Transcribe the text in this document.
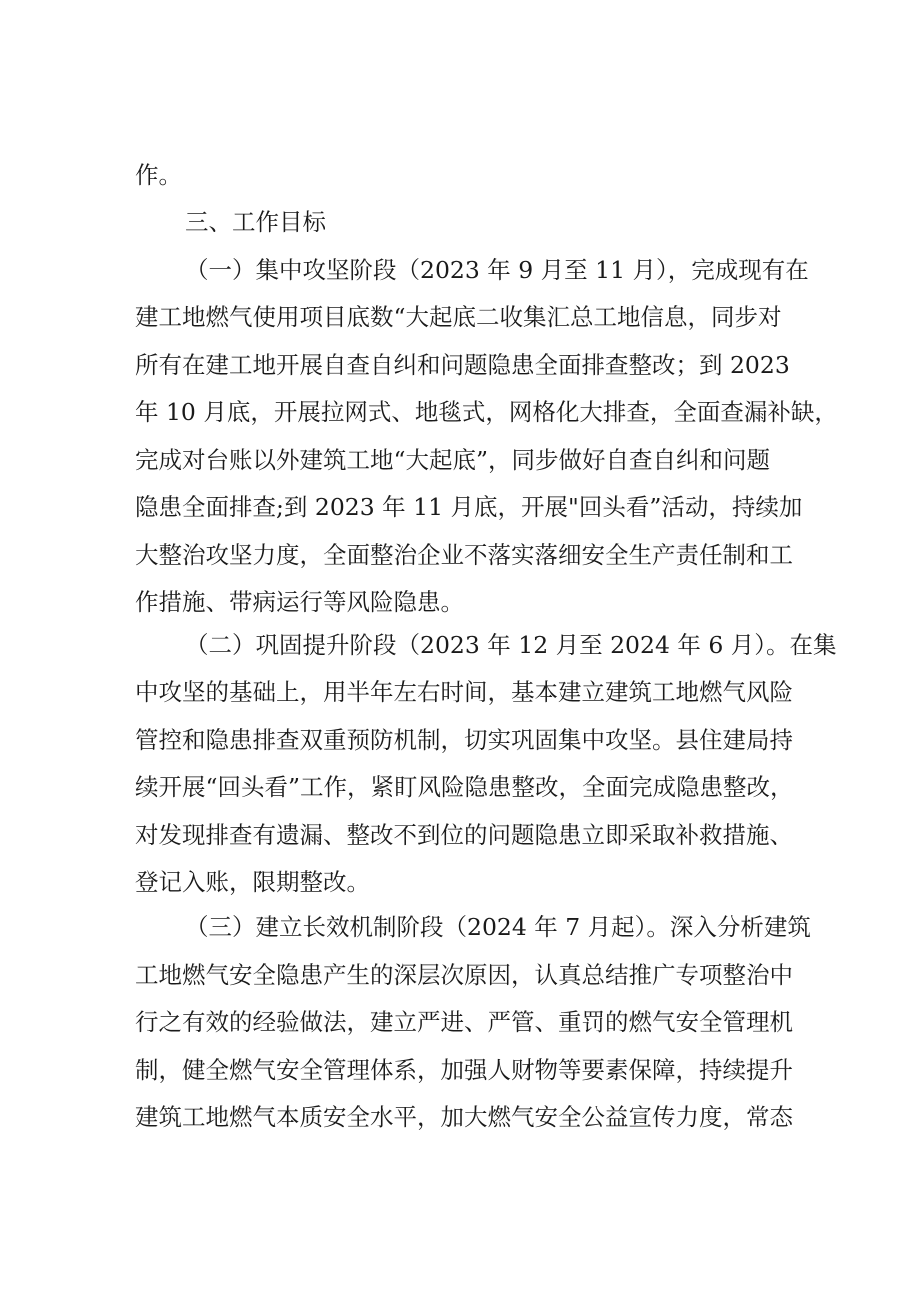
作。
三、工作目标
（一）集中攻坚阶段（2023 年 9 月至 11 月），完成现有在
建工地燃气使用项目底数“大起底二收集汇总工地信息，同步对
所有在建工地开展自查自纠和问题隐患全面排查整改；到 2023
年 10 月底，开展拉网式、地毯式，网格化大排查，全面查漏补缺，
完成对台账以外建筑工地“大起底”，同步做好自查自纠和问题
隐患全面排查;到 2023 年 11 月底，开展"回头看”活动，持续加
大整治攻坚力度，全面整治企业不落实落细安全生产责任制和工
作措施、带病运行等风险隐患。
（二）巩固提升阶段（2023 年 12 月至 2024 年 6 月）。在集
中攻坚的基础上，用半年左右时间，基本建立建筑工地燃气风险
管控和隐患排查双重预防机制，切实巩固集中攻坚。县住建局持
续开展“回头看”工作，紧盯风险隐患整改，全面完成隐患整改，
对发现排查有遗漏、整改不到位的问题隐患立即采取补救措施、
登记入账，限期整改。
（三）建立长效机制阶段（2024 年 7 月起）。深入分析建筑
工地燃气安全隐患产生的深层次原因，认真总结推广专项整治中
行之有效的经验做法，建立严进、严管、重罚的燃气安全管理机
制，健全燃气安全管理体系，加强人财物等要素保障，持续提升
建筑工地燃气本质安全水平，加大燃气安全公益宣传力度，常态
